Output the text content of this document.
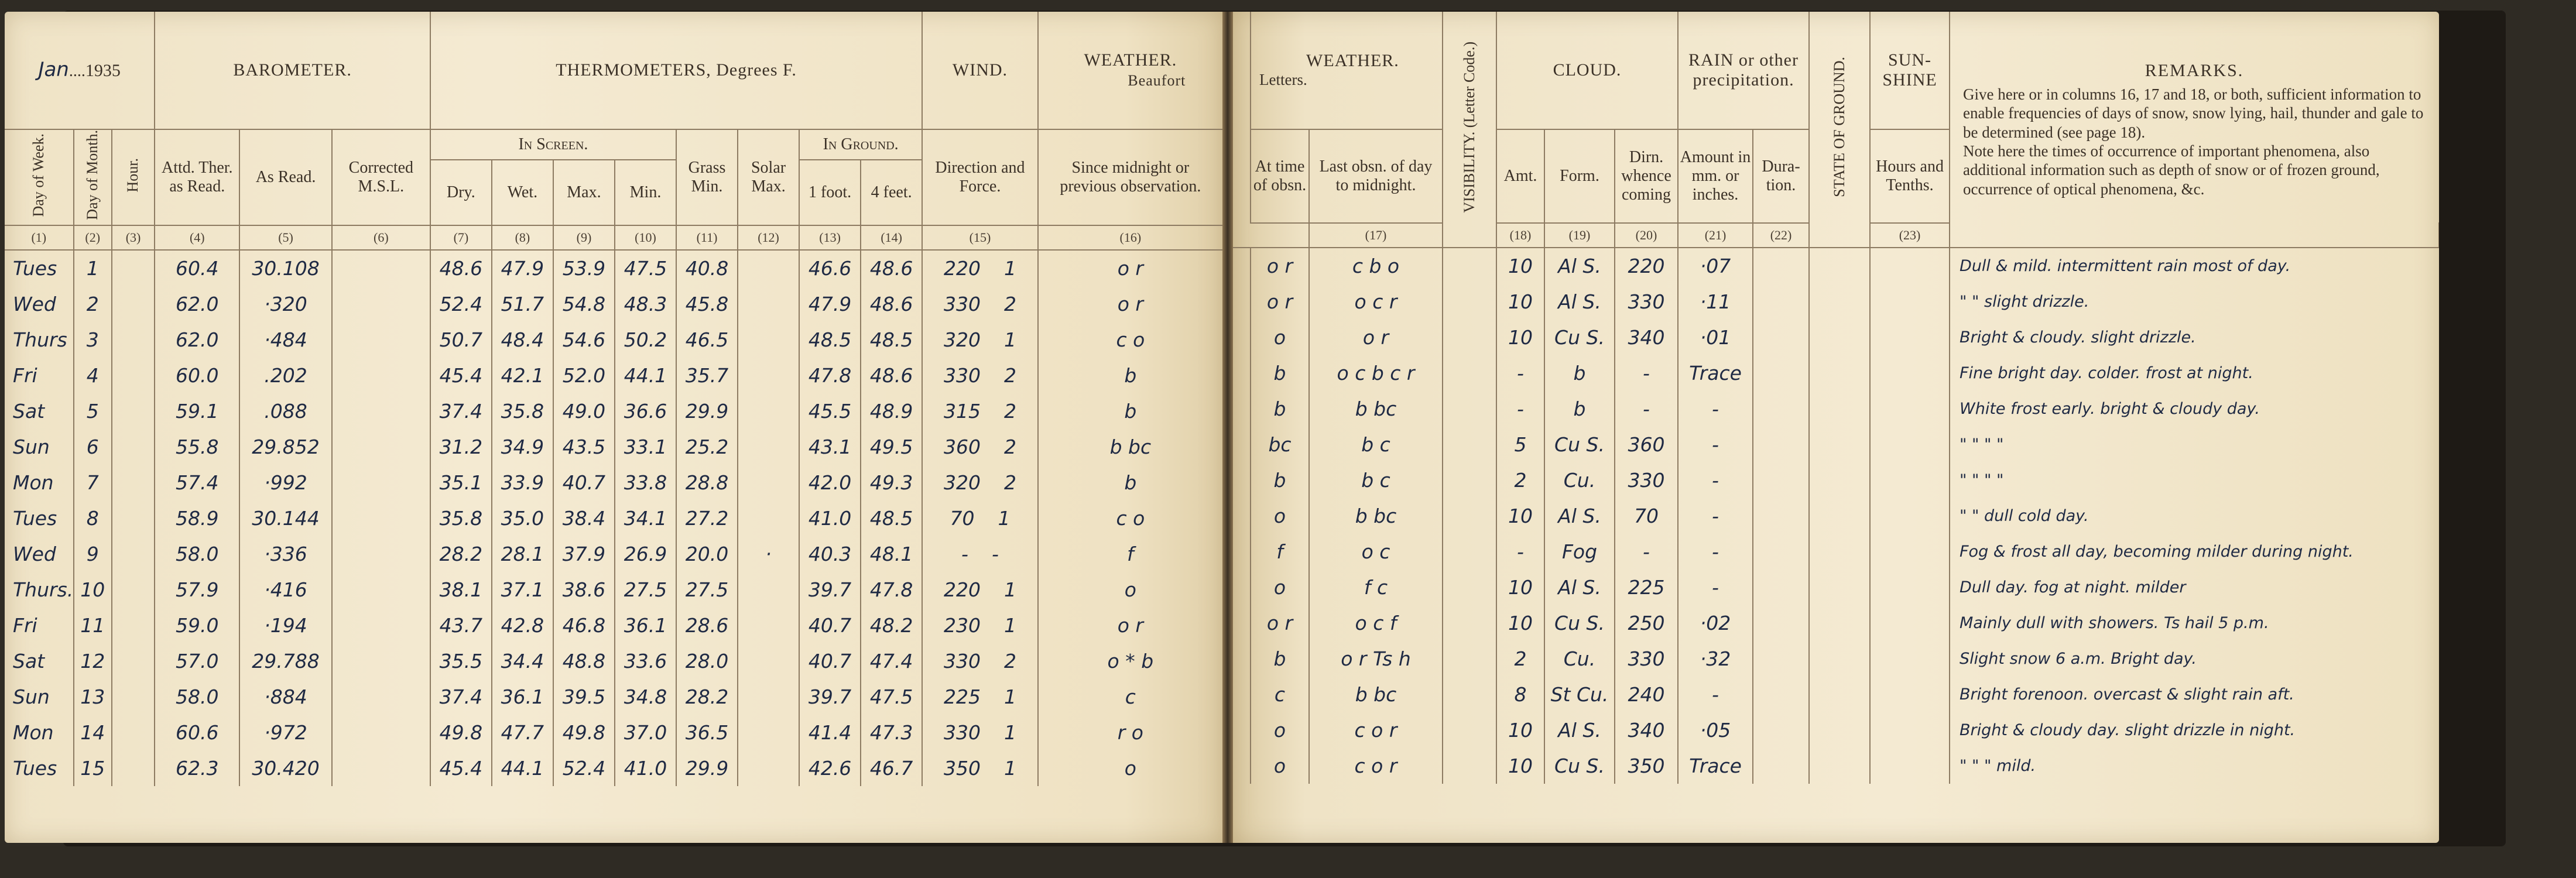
Jan....1935			BAROMETER.			THERMOMETERS, Degrees F.								WIND.	WEATHER.
Beaufort
Day of Week.	Day of Month.	Hour.	Attd. Ther. as Read.	As Read.	Corrected M.S.L.	In Screen.				Grass Min.	Solar Max.	In Ground.		Direction and Force.	Since midnight or previous observation.
						Dry.	Wet.	Max.	Min.			1 foot.	4 feet.		
(1)	(2)	(3)	(4)	(5)	(6)	(7)	(8)	(9)	(10)	(11)	(12)	(13)	(14)	(15)	(16)
Tues	1		60.4	30.108		48.6	47.9	53.9	47.5	40.8		46.6	48.6	220 1	o r
Wed	2		62.0	·320		52.4	51.7	54.8	48.3	45.8		47.9	48.6	330 2	o r
Thurs	3		62.0	·484		50.7	48.4	54.6	50.2	46.5		48.5	48.5	320 1	c o
Fri	4		60.0	.202		45.4	42.1	52.0	44.1	35.7		47.8	48.6	330 2	b
Sat	5		59.1	.088		37.4	35.8	49.0	36.6	29.9		45.5	48.9	315 2	b
Sun	6		55.8	29.852		31.2	34.9	43.5	33.1	25.2		43.1	49.5	360 2	b bc
Mon	7		57.4	·992		35.1	33.9	40.7	33.8	28.8		42.0	49.3	320 2	b
Tues	8		58.9	30.144		35.8	35.0	38.4	34.1	27.2		41.0	48.5	70 1	c o
Wed	9		58.0	·336		28.2	28.1	37.9	26.9	20.0	·	40.3	48.1	- -	f
Thurs.	10		57.9	·416		38.1	37.1	38.6	27.5	27.5		39.7	47.8	220 1	o
Fri	11		59.0	·194		43.7	42.8	46.8	36.1	28.6		40.7	48.2	230 1	o r
Sat	12		57.0	29.788		35.5	34.4	48.8	33.6	28.0		40.7	47.4	330 2	o * b
Sun	13		58.0	·884		37.4	36.1	39.5	34.8	28.2		39.7	47.5	225 1	c
Mon	14		60.6	·972		49.8	47.7	49.8	37.0	36.5		41.4	47.3	330 1	r o
Tues	15		62.3	30.420		45.4	44.1	52.4	41.0	29.9		42.6	46.7	350 1	o
	WEATHER.
Letters.		VISIBILITY. (Letter Code.)	CLOUD.			RAIN or other precipitation.		STATE OF GROUND.	SUN- SHINE	REMARKS.
Give here or in columns 16, 17 and 18, or both, sufficient information to enable frequencies of days of snow, snow lying, hail, thunder and gale to be determined (see page 18).
Note here the times of occurrence of important phenomena, also additional information such as depth of snow or of frozen ground, occurrence of optical phenomena, &c.	
	At time of obsn.	Last obsn. of day to midnight.		Amt.	Form.	Dirn. whence coming	Amount in mm. or inches.	Dura- tion.		Hours and Tenths.		
		(17)		(18)	(19)	(20)	(21)	(22)		(23)				
	o r	c b o		10	Al S.	220	·07				Dull & mild. intermittent rain most of day.	
	o r	o c r		10	Al S.	330	·11				" " slight drizzle.	
	o	o r		10	Cu S.	340	·01				Bright & cloudy. slight drizzle.	
	b	o c b c r		-	b	-	Trace				Fine bright day. colder. frost at night.	
	b	b bc		-	b	-	-				White frost early. bright & cloudy day.	
	bc	b c		5	Cu S.	360	-				" " " "	
	b	b c		2	Cu.	330	-				" " " "	
	o	b bc		10	Al S.	70	-				" " dull cold day.	
	f	o c		-	Fog	-	-				Fog & frost all day, becoming milder during night.	
	o	f c		10	Al S.	225	-				Dull day. fog at night. milder	
	o r	o c f		10	Cu S.	250	·02				Mainly dull with showers. Ts hail 5 p.m.	
	b	o r Ts h		2	Cu.	330	·32				Slight snow 6 a.m. Bright day.	
	c	b bc		8	St Cu.	240	-				Bright forenoon. overcast & slight rain aft.	
	o	c o r		10	Al S.	340	·05				Bright & cloudy day. slight drizzle in night.	
	o	c o r		10	Cu S.	350	Trace				" " " mild.	
